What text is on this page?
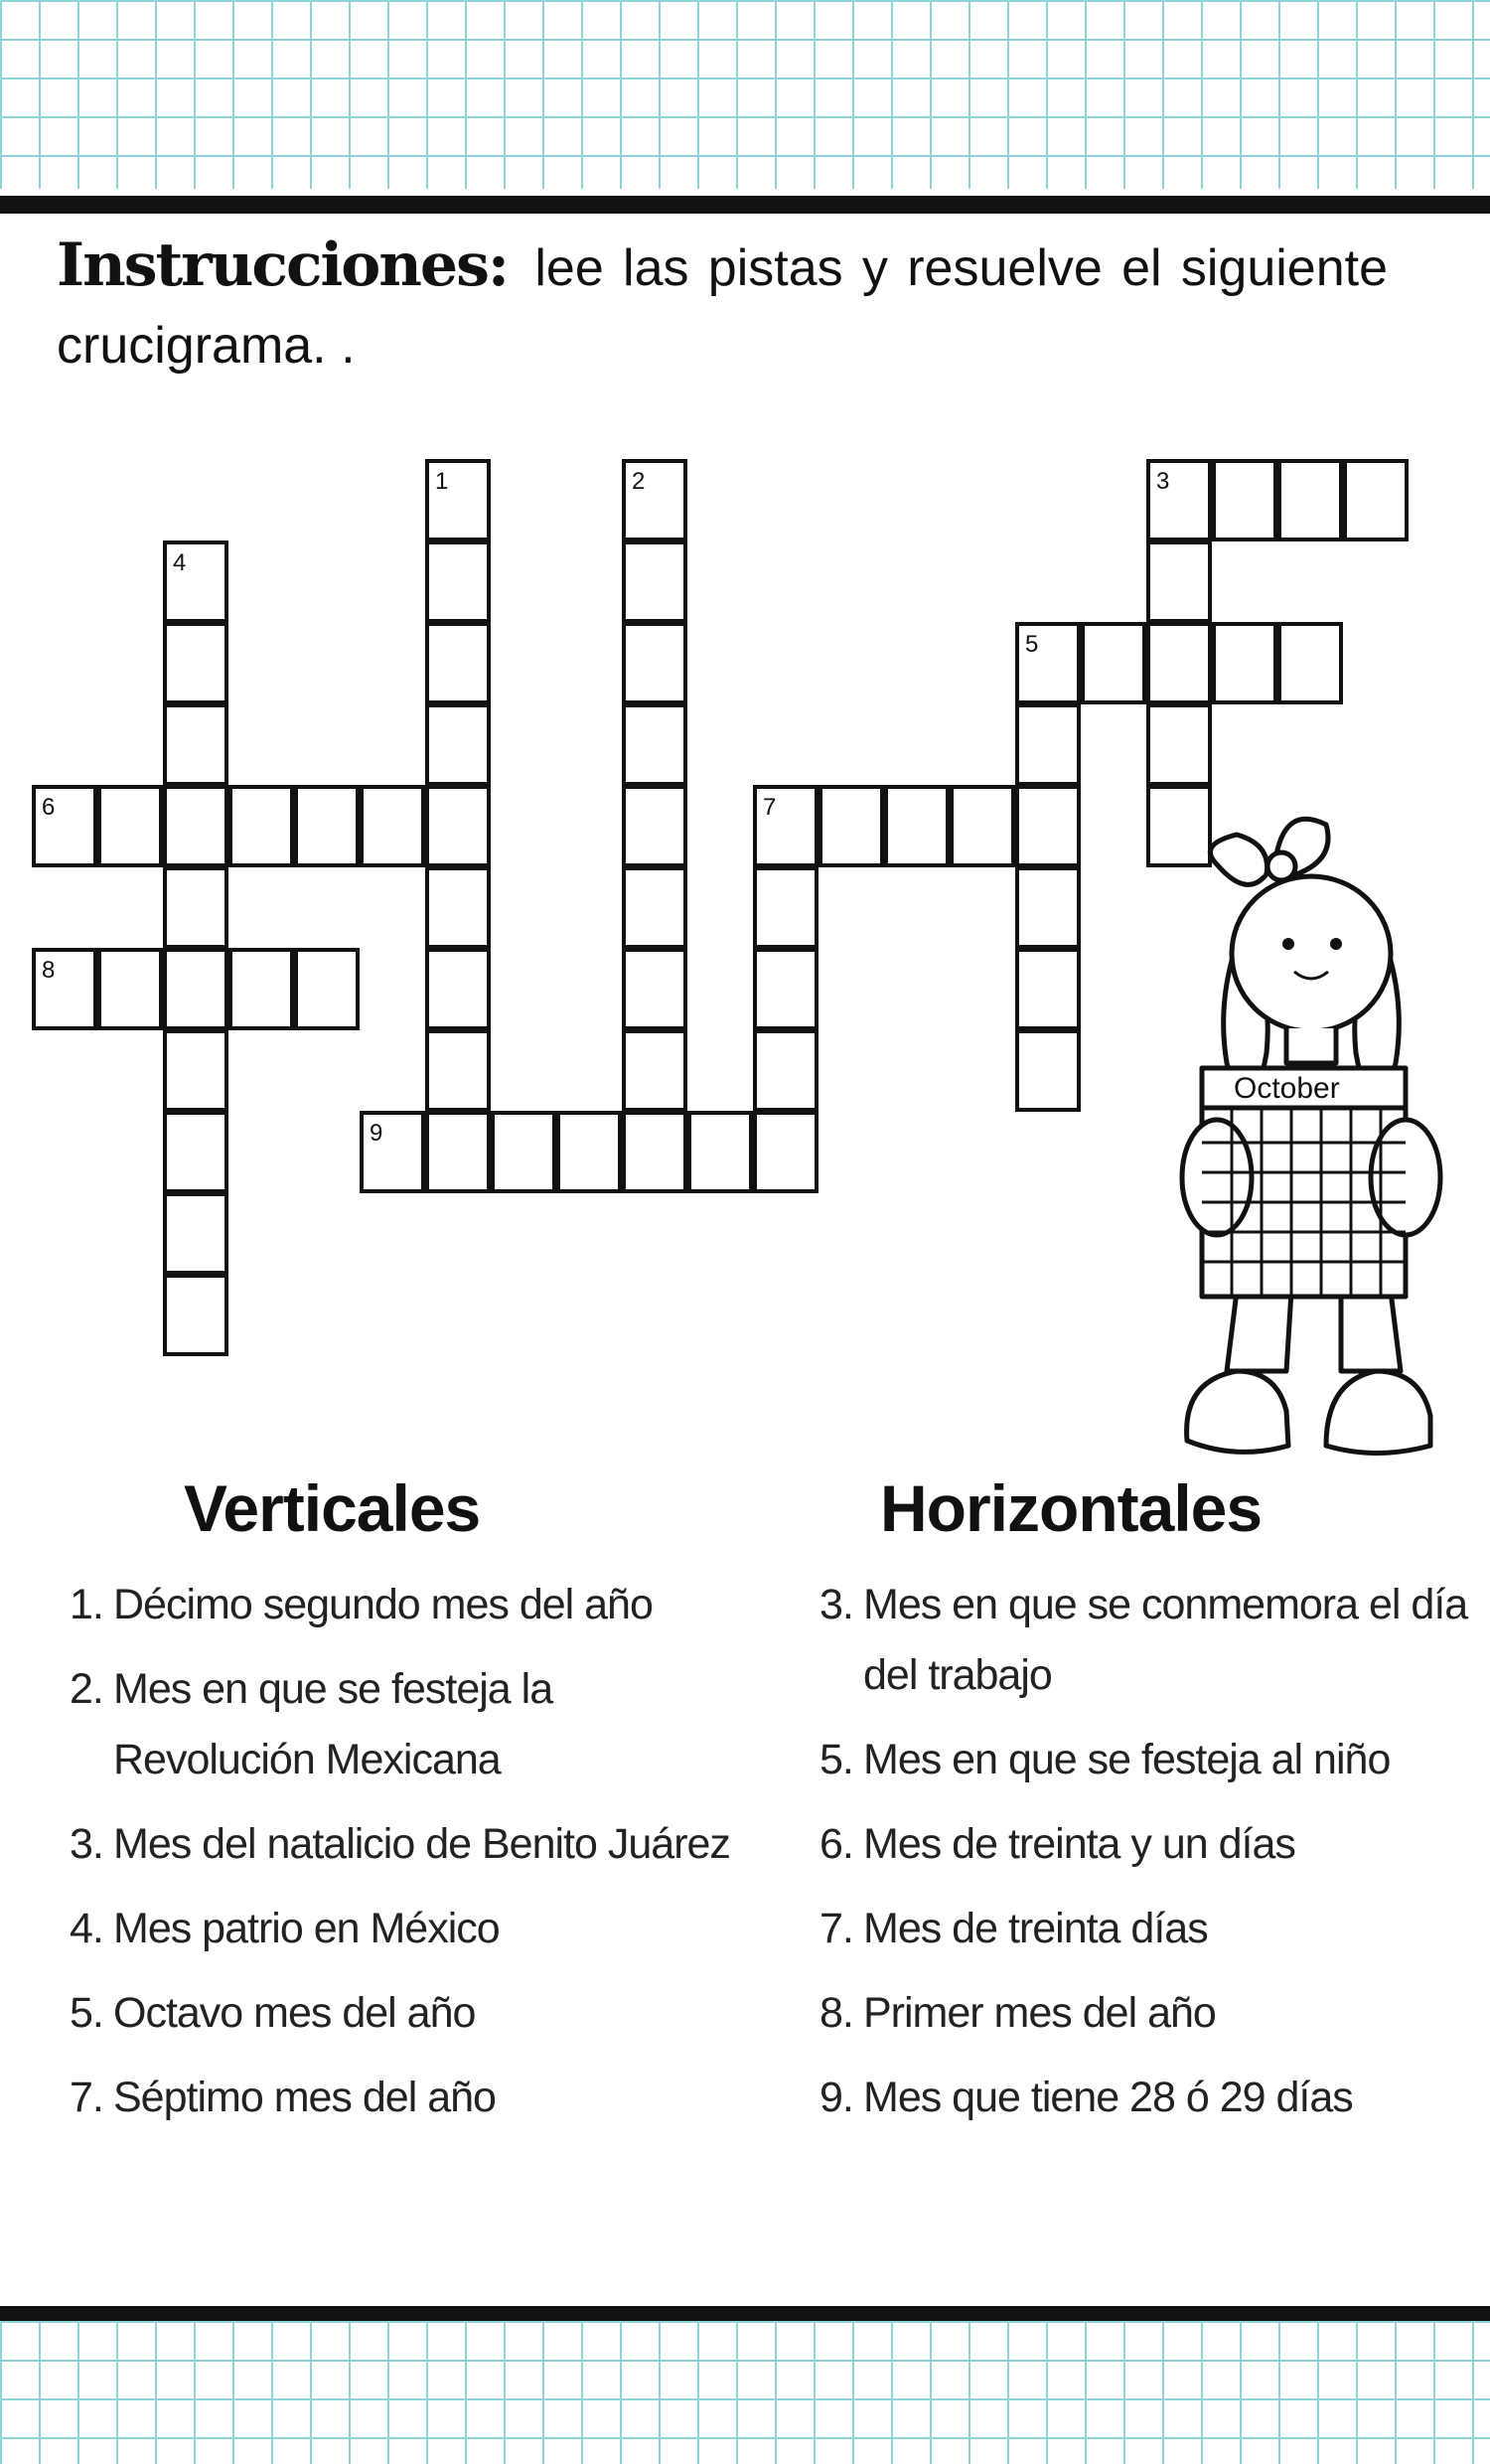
Instrucciones: lee las pistas y resuelve el siguiente crucigrama. .
1	2	3
4
5
6	7
8
9
October
Verticales	Horizontales
1. Décimo segundo mes del año
2. Mes en que se festeja la Revolución Mexicana
3. Mes del natalicio de Benito Juárez
4. Mes patrio en México
5. Octavo mes del año
7. Séptimo mes del año
3. Mes en que se conmemora el día del trabajo
5. Mes en que se festeja al niño
6. Mes de treinta y un días
7. Mes de treinta días
8. Primer mes del año
9. Mes que tiene 28 ó 29 días
